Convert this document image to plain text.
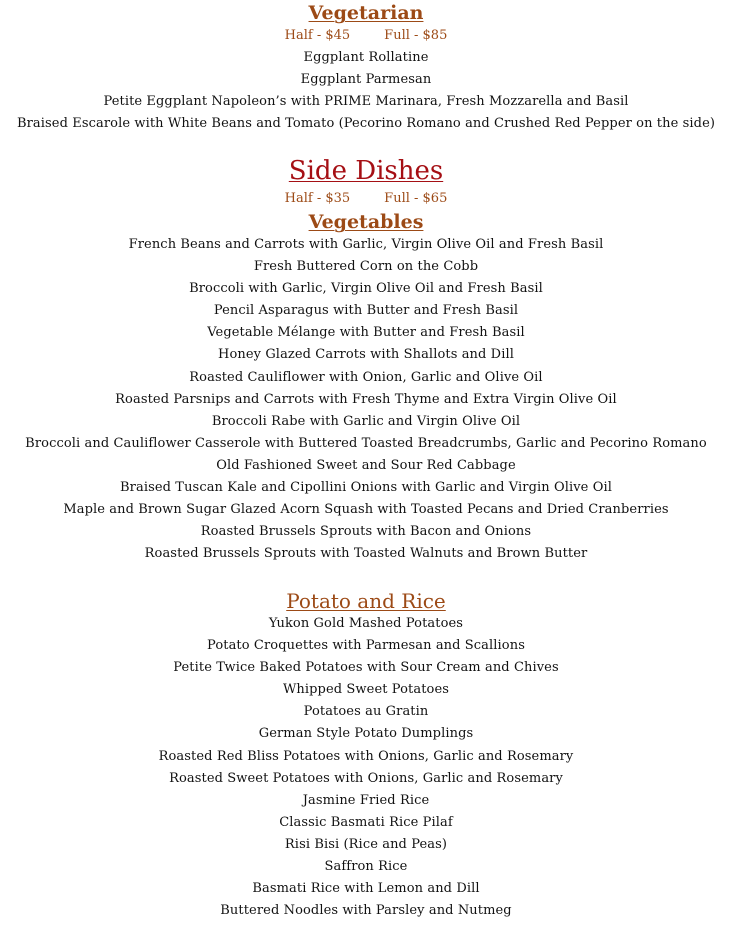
Vegetarian
Half - $45	Full - $85
Eggplant Rollatine
Eggplant Parmesan
Petite Eggplant Napoleon’s with PRIME Marinara, Fresh Mozzarella and Basil
Braised Escarole with White Beans and Tomato (Pecorino Romano and Crushed Red Pepper on the side)
Side Dishes
Half - $35	Full - $65
Vegetables
French Beans and Carrots with Garlic, Virgin Olive Oil and Fresh Basil
Fresh Buttered Corn on the Cobb
Broccoli with Garlic, Virgin Olive Oil and Fresh Basil
Pencil Asparagus with Butter and Fresh Basil
Vegetable Mélange with Butter and Fresh Basil
Honey Glazed Carrots with Shallots and Dill
Roasted Cauliflower with Onion, Garlic and Olive Oil
Roasted Parsnips and Carrots with Fresh Thyme and Extra Virgin Olive Oil
Broccoli Rabe with Garlic and Virgin Olive Oil
Broccoli and Cauliflower Casserole with Buttered Toasted Breadcrumbs, Garlic and Pecorino Romano
Old Fashioned Sweet and Sour Red Cabbage
Braised Tuscan Kale and Cipollini Onions with Garlic and Virgin Olive Oil
Maple and Brown Sugar Glazed Acorn Squash with Toasted Pecans and Dried Cranberries
Roasted Brussels Sprouts with Bacon and Onions
Roasted Brussels Sprouts with Toasted Walnuts and Brown Butter
Potato and Rice
Yukon Gold Mashed Potatoes
Potato Croquettes with Parmesan and Scallions
Petite Twice Baked Potatoes with Sour Cream and Chives
Whipped Sweet Potatoes
Potatoes au Gratin
German Style Potato Dumplings
Roasted Red Bliss Potatoes with Onions, Garlic and Rosemary
Roasted Sweet Potatoes with Onions, Garlic and Rosemary
Jasmine Fried Rice
Classic Basmati Rice Pilaf
Risi Bisi (Rice and Peas)
Saffron Rice
Basmati Rice with Lemon and Dill
Buttered Noodles with Parsley and Nutmeg
